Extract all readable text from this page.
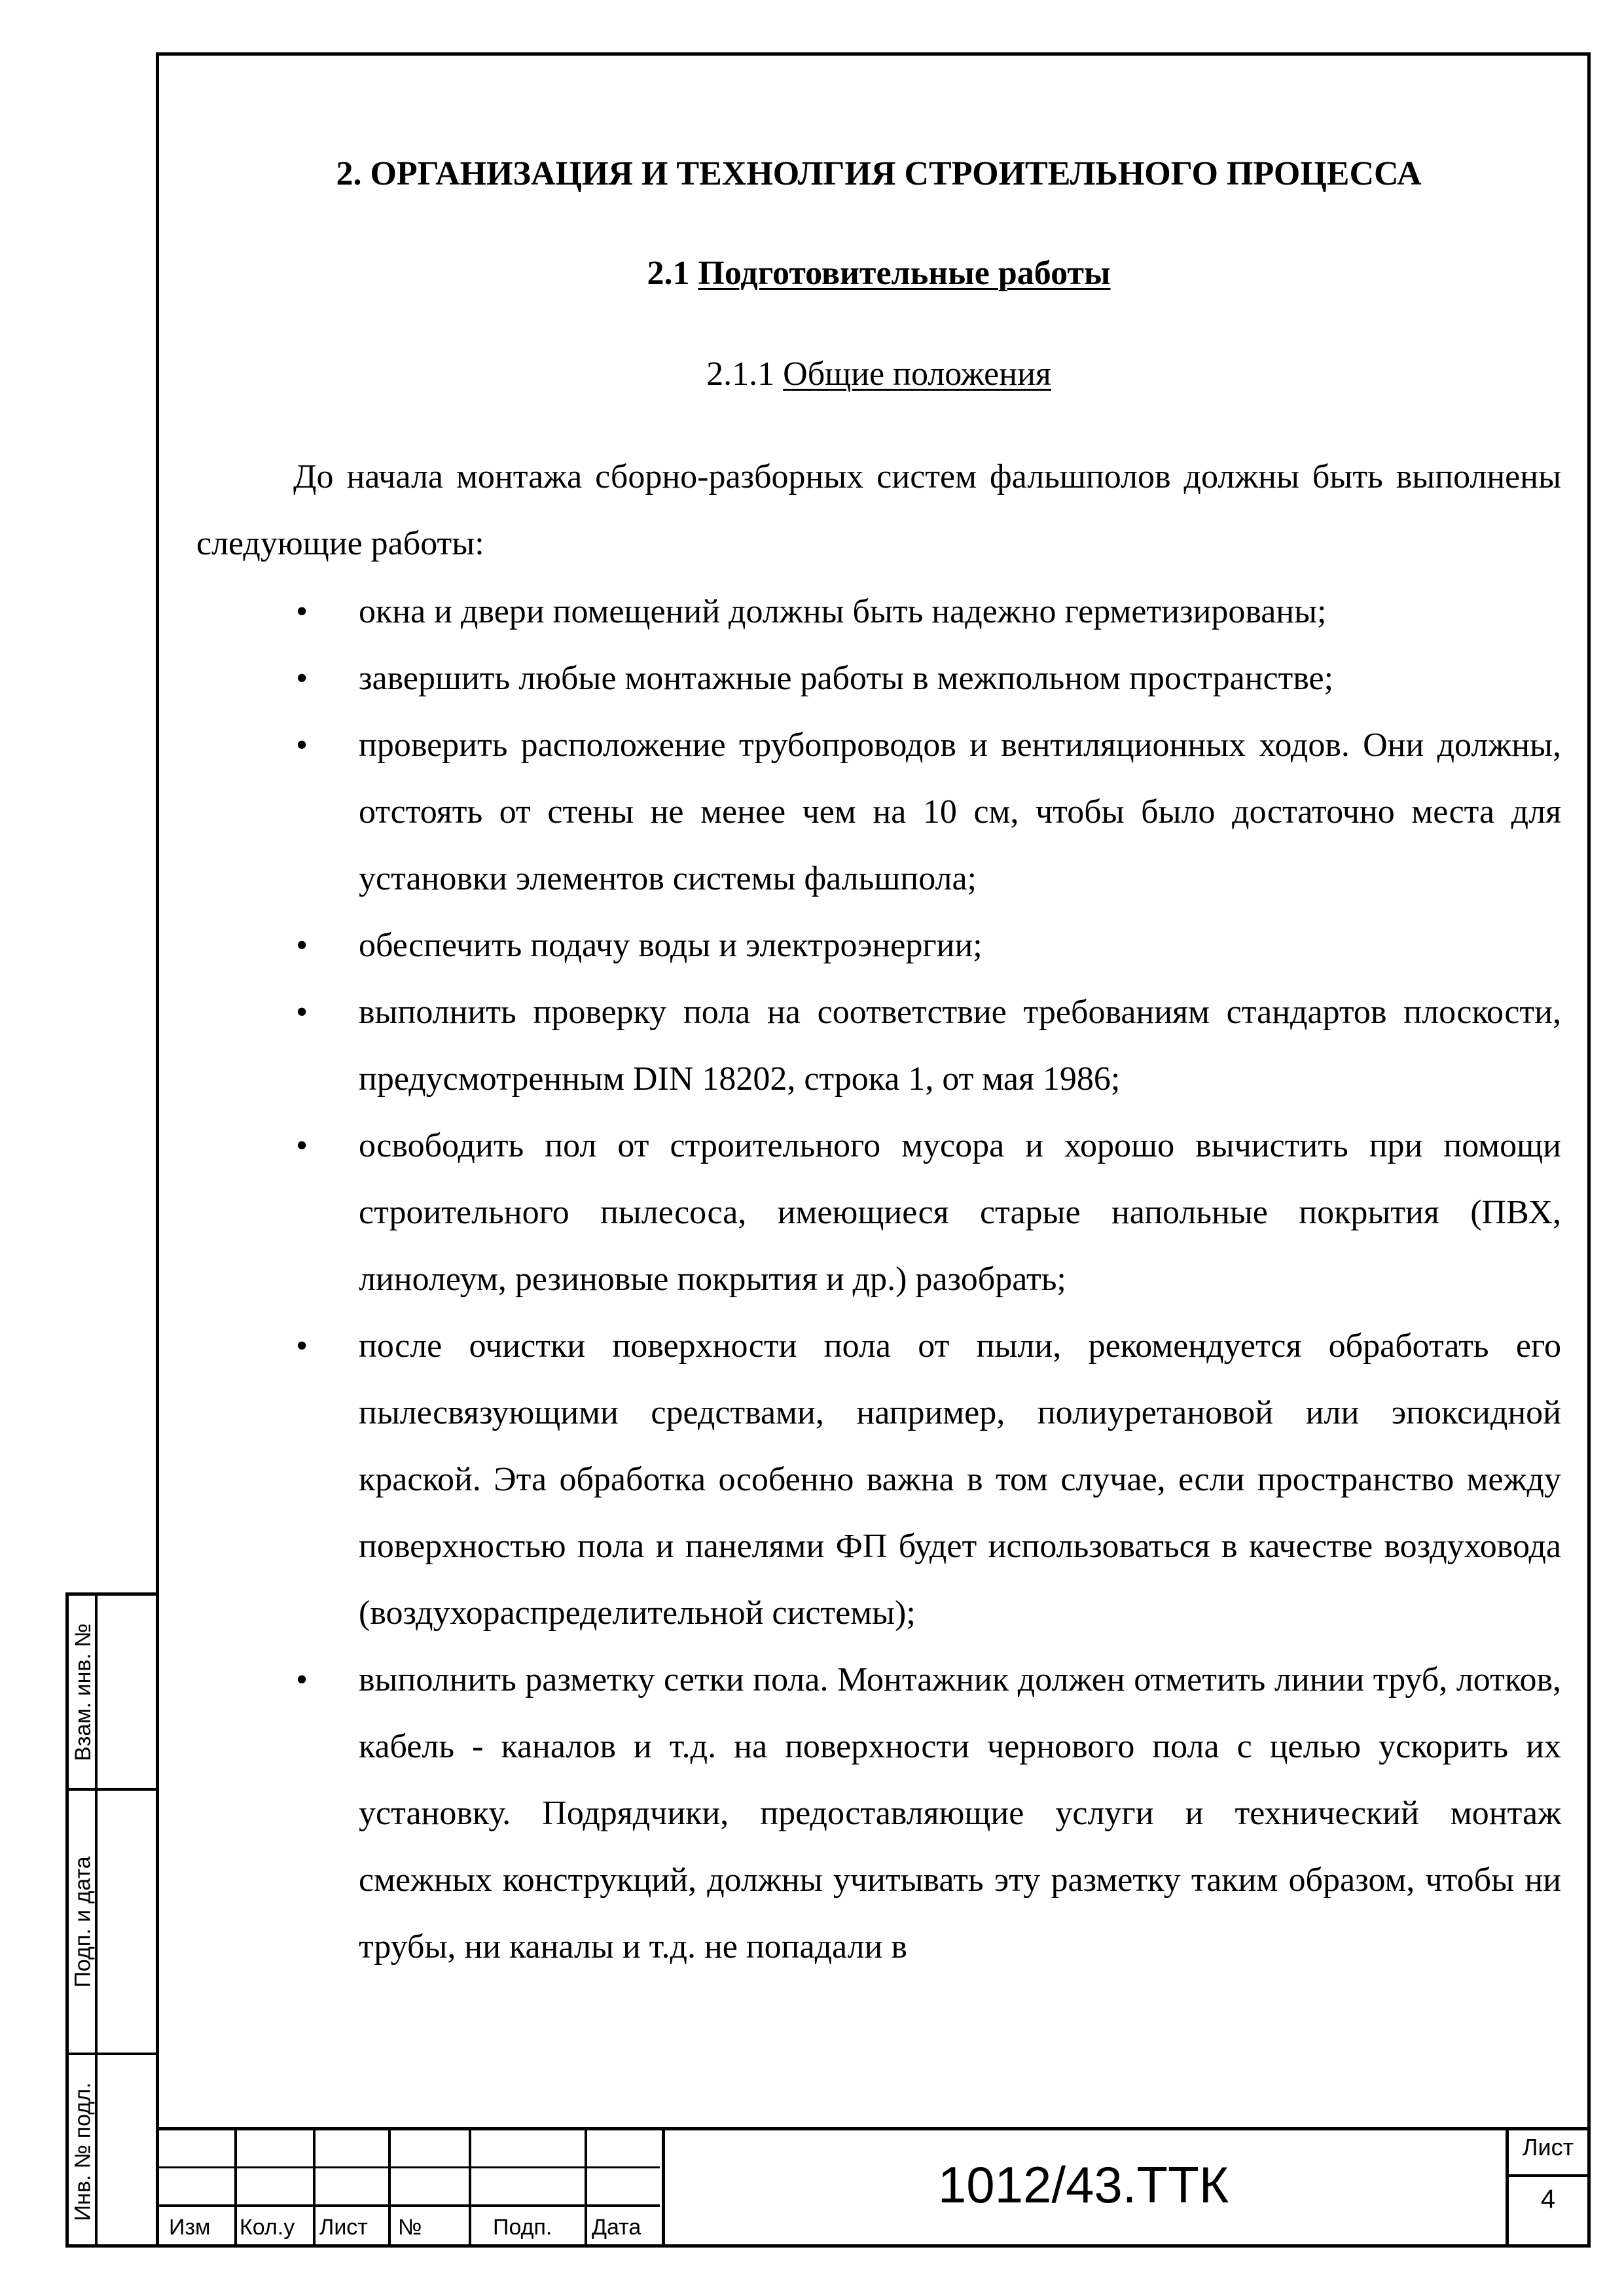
2. ОРГАНИЗАЦИЯ И ТЕХНОЛГИЯ СТРОИТЕЛЬНОГО ПРОЦЕССА
2.1 Подготовительные работы
2.1.1 Общие положения

До начала монтажа сборно-разборных систем фальшполов должны быть выполнены следующие работы:

• окна и двери помещений должны быть надежно герметизированы;
• завершить любые монтажные работы в межпольном пространстве;
• проверить расположение трубопроводов и вентиляционных ходов. Они должны, отстоять от стены не менее чем на 10 см, чтобы было достаточно места для установки элементов системы фальшпола;
• обеспечить подачу воды и электроэнергии;
• выполнить проверку пола на соответствие требованиям стандартов плоскости, предусмотренным DIN 18202, строка 1, от мая 1986;
• освободить пол от строительного мусора и хорошо вычистить при помощи строительного пылесоса, имеющиеся старые напольные покрытия (ПВХ, линолеум, резиновые покрытия и др.) разобрать;
• после очистки поверхности пола от пыли, рекомендуется обработать его пылесвязующими средствами, например, полиуретановой или эпоксидной краской. Эта обработка особенно важна в том случае, если пространство между поверхностью пола и панелями ФП будет использоваться в качестве воздуховода (воздухораспределительной системы);
• выполнить разметку сетки пола. Монтажник должен отметить линии труб, лотков, кабель - каналов и т.д. на поверхности чернового пола с целью ускорить их установку. Подрядчики, предоставляющие услуги и технический монтаж смежных конструкций, должны учитывать эту разметку таким образом, чтобы ни трубы, ни каналы и т.д. не попадали в
Взам. инв. №
Подп. и дата
Инв. № подл.
Изм Кол.у Лист №	Подп. Дата
1012/43.ТТК
Лист
4
